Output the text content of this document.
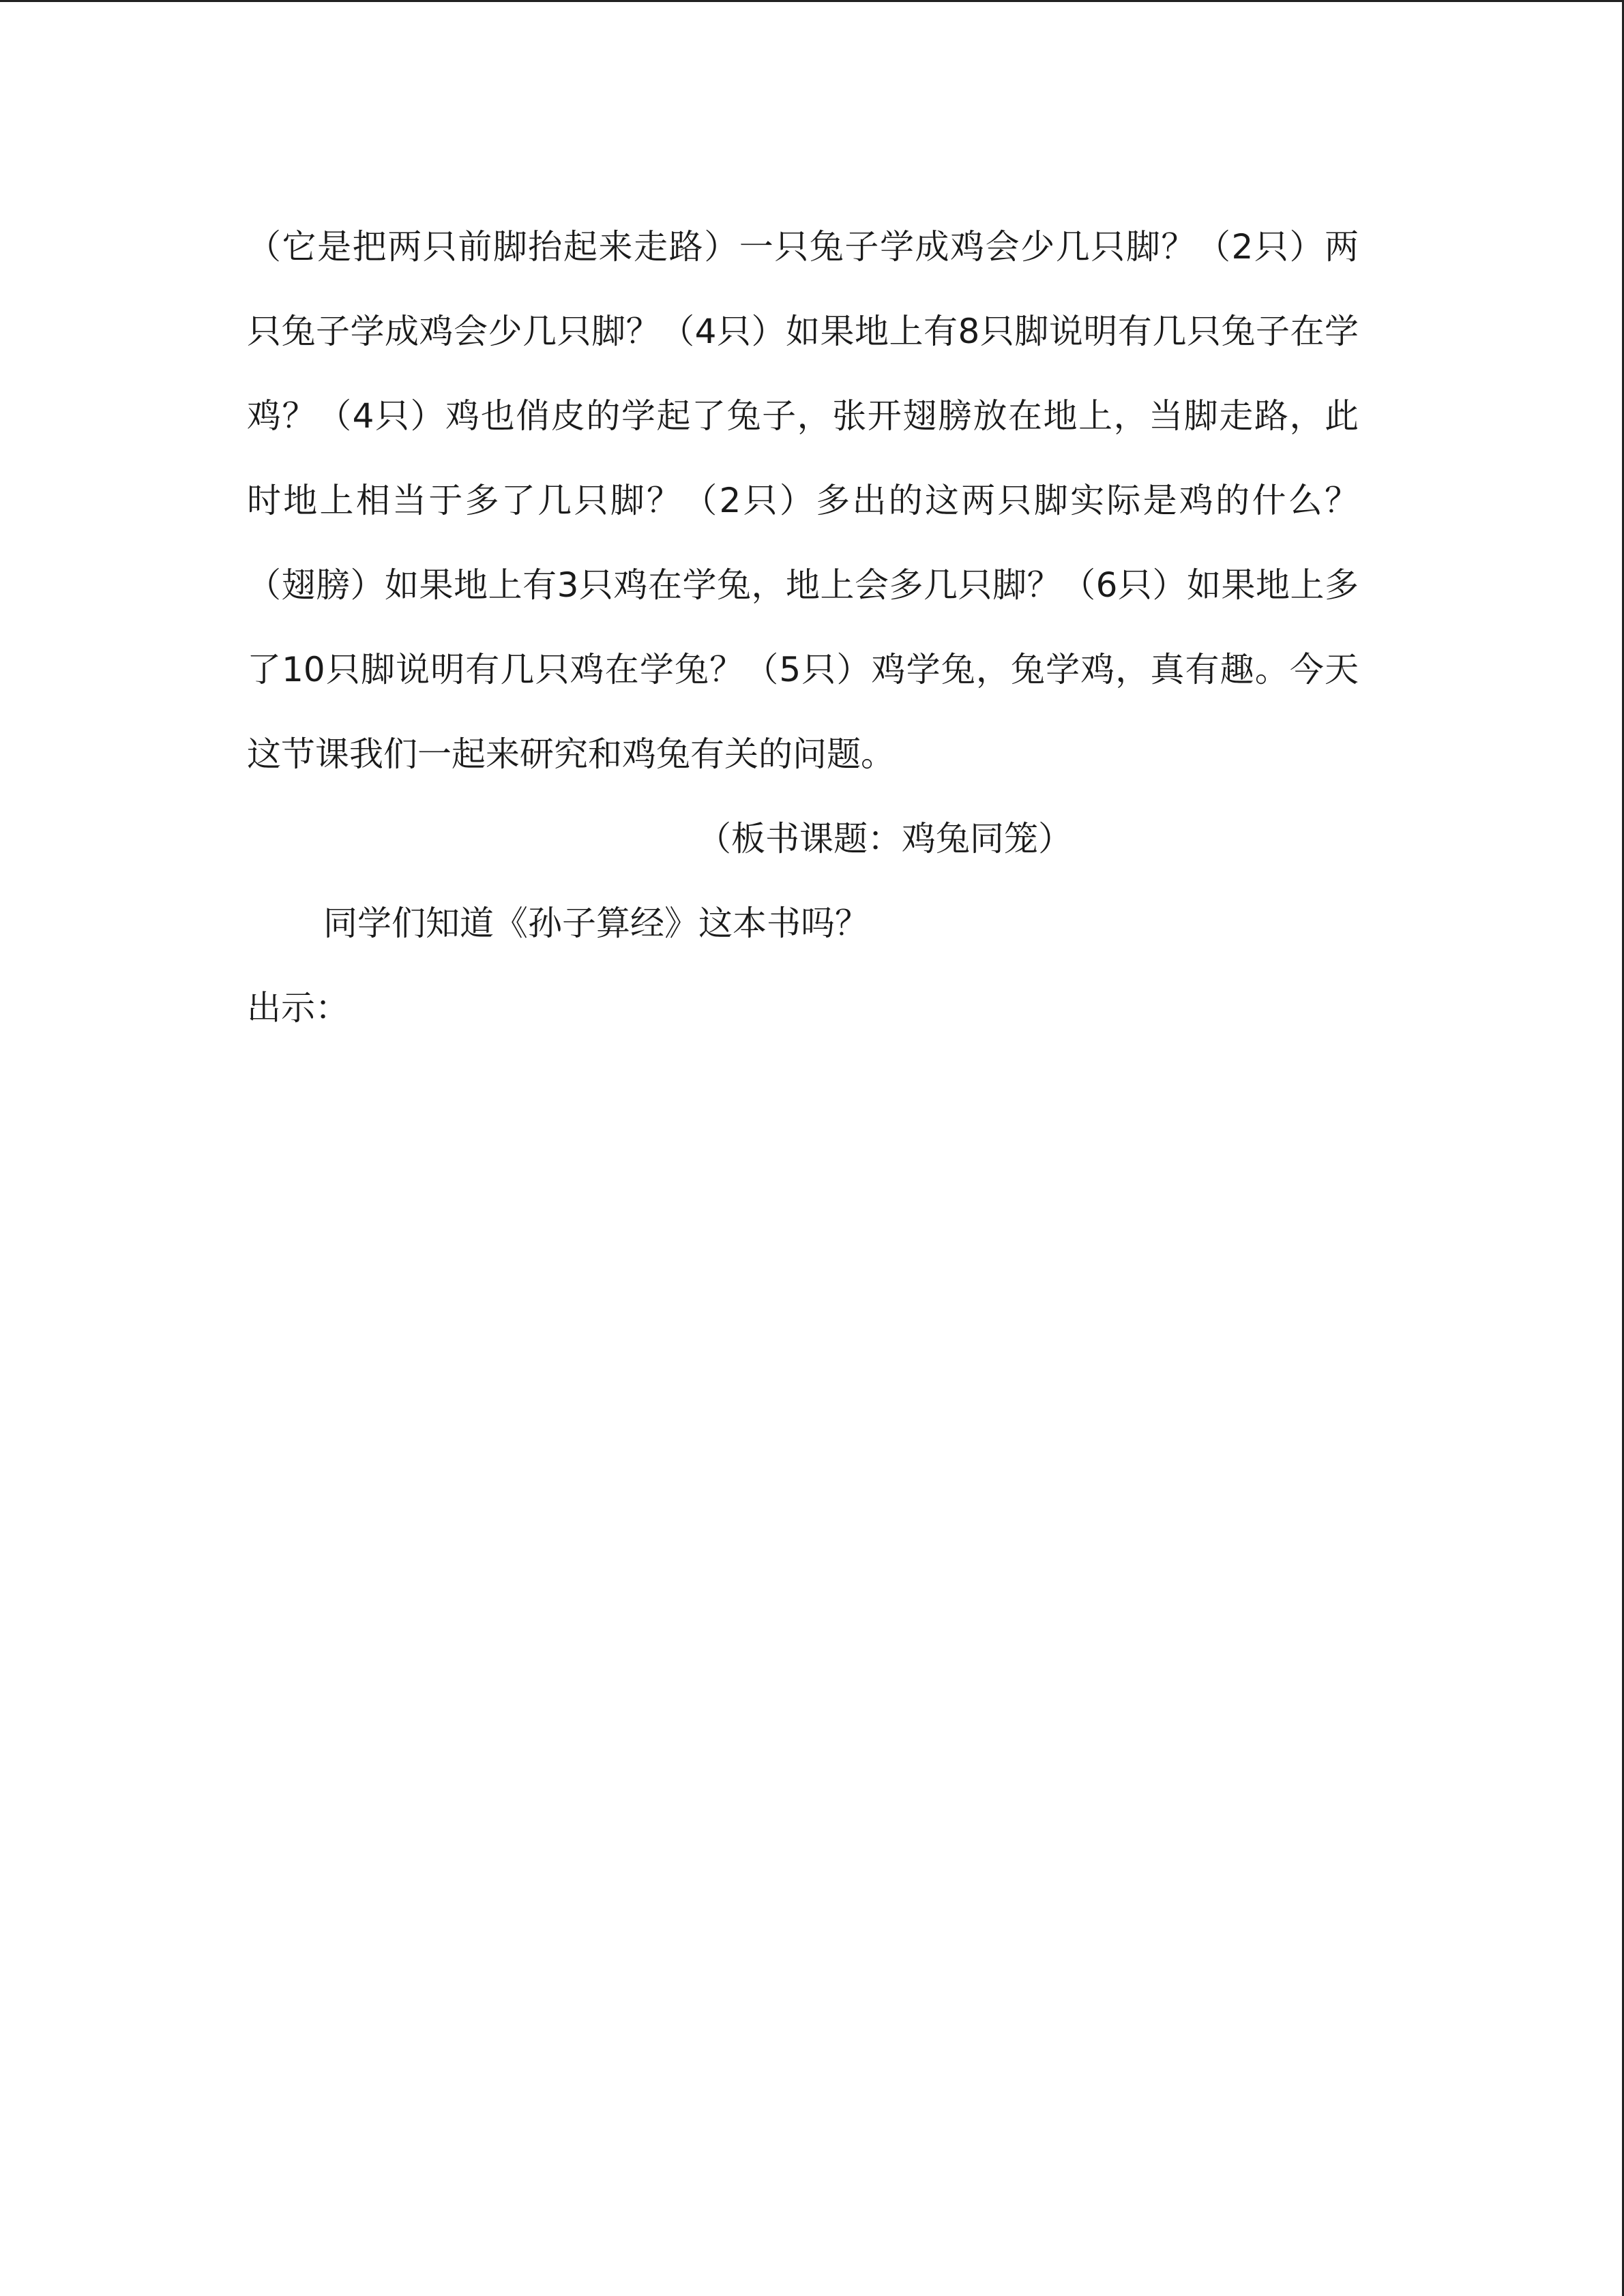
（它是把两只前脚抬起来走路）一只兔子学成鸡会少几只脚？（2只）两只兔子学成鸡会少几只脚？（4只）如果地上有8只脚说明有几只兔子在学鸡？（4只）鸡也俏皮的学起了兔子，张开翅膀放在地上，当脚走路，此时地上相当于多了几只脚？（2只）多出的这两只脚实际是鸡的什么？（翅膀）如果地上有3只鸡在学兔，地上会多几只脚？（6只）如果地上多了10只脚说明有几只鸡在学兔？（5只）鸡学兔，兔学鸡，真有趣。今天这节课我们一起来研究和鸡兔有关的问题。

（板书课题：鸡兔同笼）

同学们知道《孙子算经》这本书吗？

出示：
